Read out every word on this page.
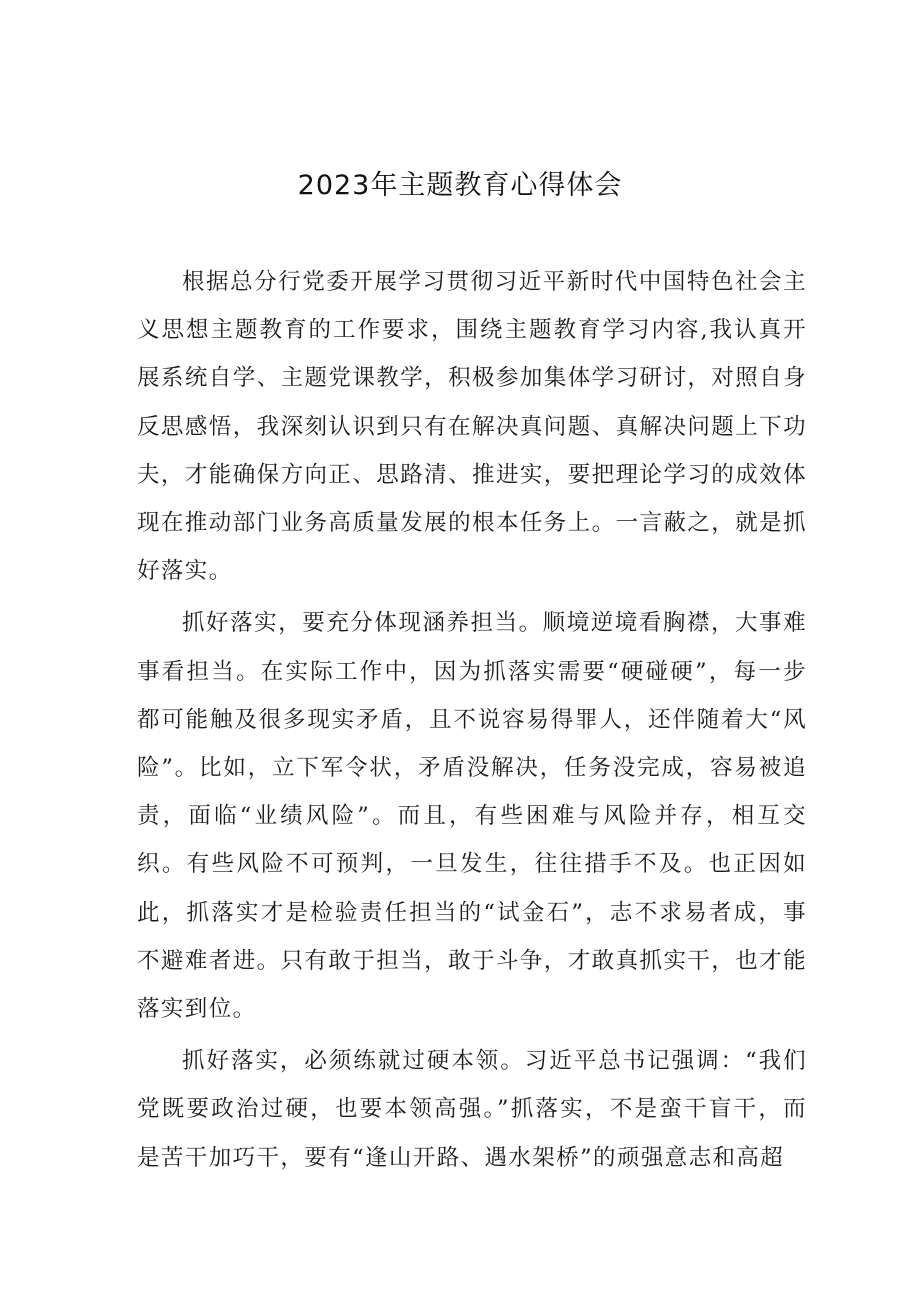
2023年主题教育心得体会

根据总分行党委开展学习贯彻习近平新时代中国特色社会主义思想主题教育的工作要求，围绕主题教育学习内容,我认真开展系统自学、主题党课教学，积极参加集体学习研讨，对照自身反思感悟，我深刻认识到只有在解决真问题、真解决问题上下功夫，才能确保方向正、思路清、推进实，要把理论学习的成效体现在推动部门业务高质量发展的根本任务上。一言蔽之，就是抓好落实。

抓好落实，要充分体现涵养担当。顺境逆境看胸襟，大事难事看担当。在实际工作中，因为抓落实需要“硬碰硬”，每一步都可能触及很多现实矛盾，且不说容易得罪人，还伴随着大“风险”。比如，立下军令状，矛盾没解决，任务没完成，容易被追责，面临“业绩风险”。而且，有些困难与风险并存，相互交织。有些风险不可预判，一旦发生，往往措手不及。也正因如此，抓落实才是检验责任担当的“试金石”，志不求易者成，事不避难者进。只有敢于担当，敢于斗争，才敢真抓实干，也才能落实到位。

抓好落实，必须练就过硬本领。习近平总书记强调：“我们党既要政治过硬，也要本领高强。”抓落实，不是蛮干盲干，而是苦干加巧干，要有“逢山开路、遇水架桥”的顽强意志和高超
